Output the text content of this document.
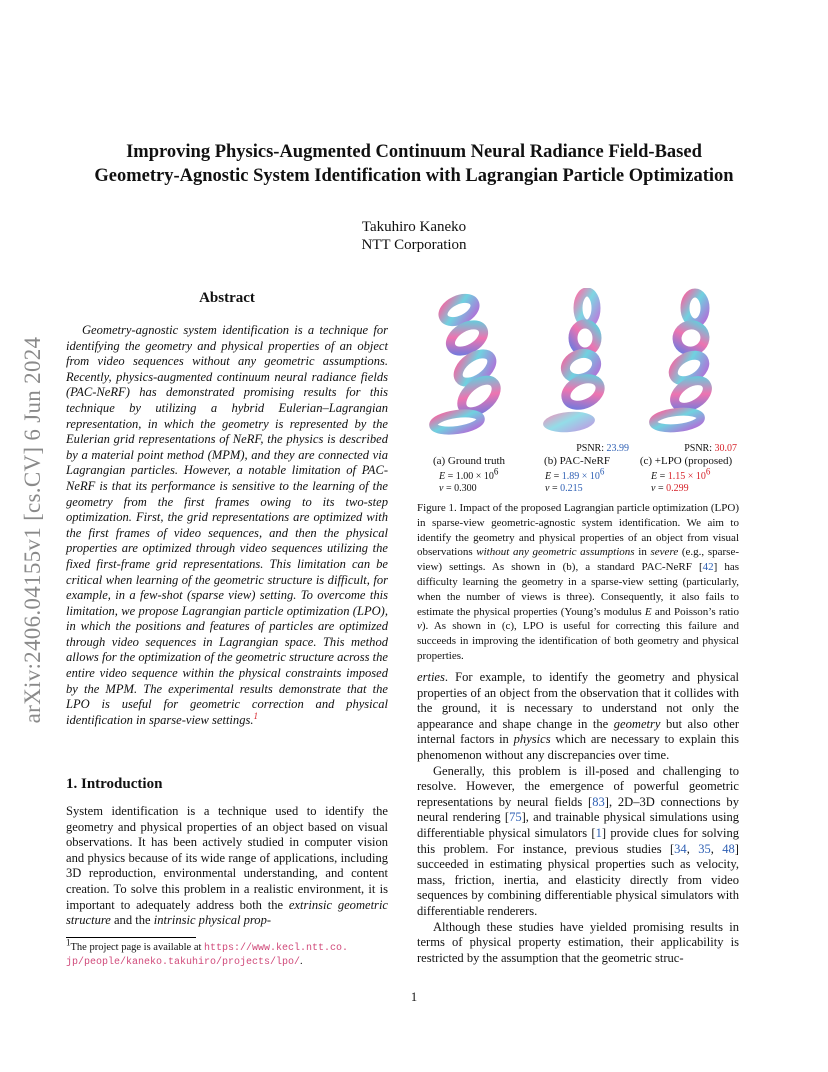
Improving Physics-Augmented Continuum Neural Radiance Field-Based
Geometry-Agnostic System Identification with Lagrangian Particle Optimization
Takuhiro Kaneko
NTT Corporation
arXiv:2406.04155v1 [cs.CV] 6 Jun 2024
Abstract
Geometry-agnostic system identification is a technique for identifying the geometry and physical properties of an object from video sequences without any geometric assumptions. Recently, physics-augmented continuum neural radiance fields (PAC-NeRF) has demonstrated promising results for this technique by utilizing a hybrid Eulerian–Lagrangian representation, in which the geometry is represented by the Eulerian grid representations of NeRF, the physics is described by a material point method (MPM), and they are connected via Lagrangian particles. However, a notable limitation of PAC-NeRF is that its performance is sensitive to the learning of the geometry from the first frames owing to its two-step optimization. First, the grid representations are optimized with the first frames of video sequences, and then the physical properties are optimized through video sequences utilizing the fixed first-frame grid representations. This limitation can be critical when learning of the geometric structure is difficult, for example, in a few-shot (sparse view) setting. To overcome this limitation, we propose Lagrangian particle optimization (LPO), in which the positions and features of particles are optimized through video sequences in Lagrangian space. This method allows for the optimization of the geometric structure across the entire video sequence within the physical constraints imposed by the MPM. The experimental results demonstrate that the LPO is useful for geometric correction and physical identification in sparse-view settings.$^1$
1. Introduction
System identification is a technique used to identify the geometry and physical properties of an object based on visual observations. It has been actively studied in computer vision and physics because of its wide range of applications, including 3D reproduction, environmental understanding, and content creation. To solve this problem in a realistic environment, it is important to adequately address both the extrinsic geometric structure and the intrinsic physical prop-
1The project page is available at https://www.kecl.ntt.co.
jp/people/kaneko.takuhiro/projects/lpo/.
PSNR: 23.99	PSNR: 30.07
(a) Ground truth	(b) PAC-NeRF	(c) +LPO (proposed)
E = 1.00 × 106
ν = 0.300
E = 1.89 × 106
ν = 0.215
E = 1.15 × 106
ν = 0.299
Figure 1. Impact of the proposed Lagrangian particle optimization (LPO) in sparse-view geometric-agnostic system identification. We aim to identify the geometry and physical properties of an object from visual observations without any geometric assumptions in severe (e.g., sparse-view) settings. As shown in (b), a standard PAC-NeRF [42] has difficulty learning the geometry in a sparse-view setting (particularly, when the number of views is three). Consequently, it also fails to estimate the physical properties (Young’s modulus E and Poisson’s ratio ν). As shown in (c), LPO is useful for correcting this failure and succeeds in improving the identification of both geometry and physical properties.

erties. For example, to identify the geometry and physical properties of an object from the observation that it collides with the ground, it is necessary to understand not only the appearance and shape change in the geometry but also other internal factors in physics which are necessary to explain this phenomenon without any discrepancies over time.

Generally, this problem is ill-posed and challenging to resolve. However, the emergence of powerful geometric representations by neural fields [83], 2D–3D connections by neural rendering [75], and trainable physical simulations using differentiable physical simulators [1] provide clues for solving this problem. For instance, previous studies [34, 35, 48] succeeded in estimating physical properties such as velocity, mass, friction, inertia, and elasticity directly from video sequences by combining differentiable physical simulators with differentiable renderers.

Although these studies have yielded promising results in terms of physical property estimation, their applicability is restricted by the assumption that the geometric struc-

1
